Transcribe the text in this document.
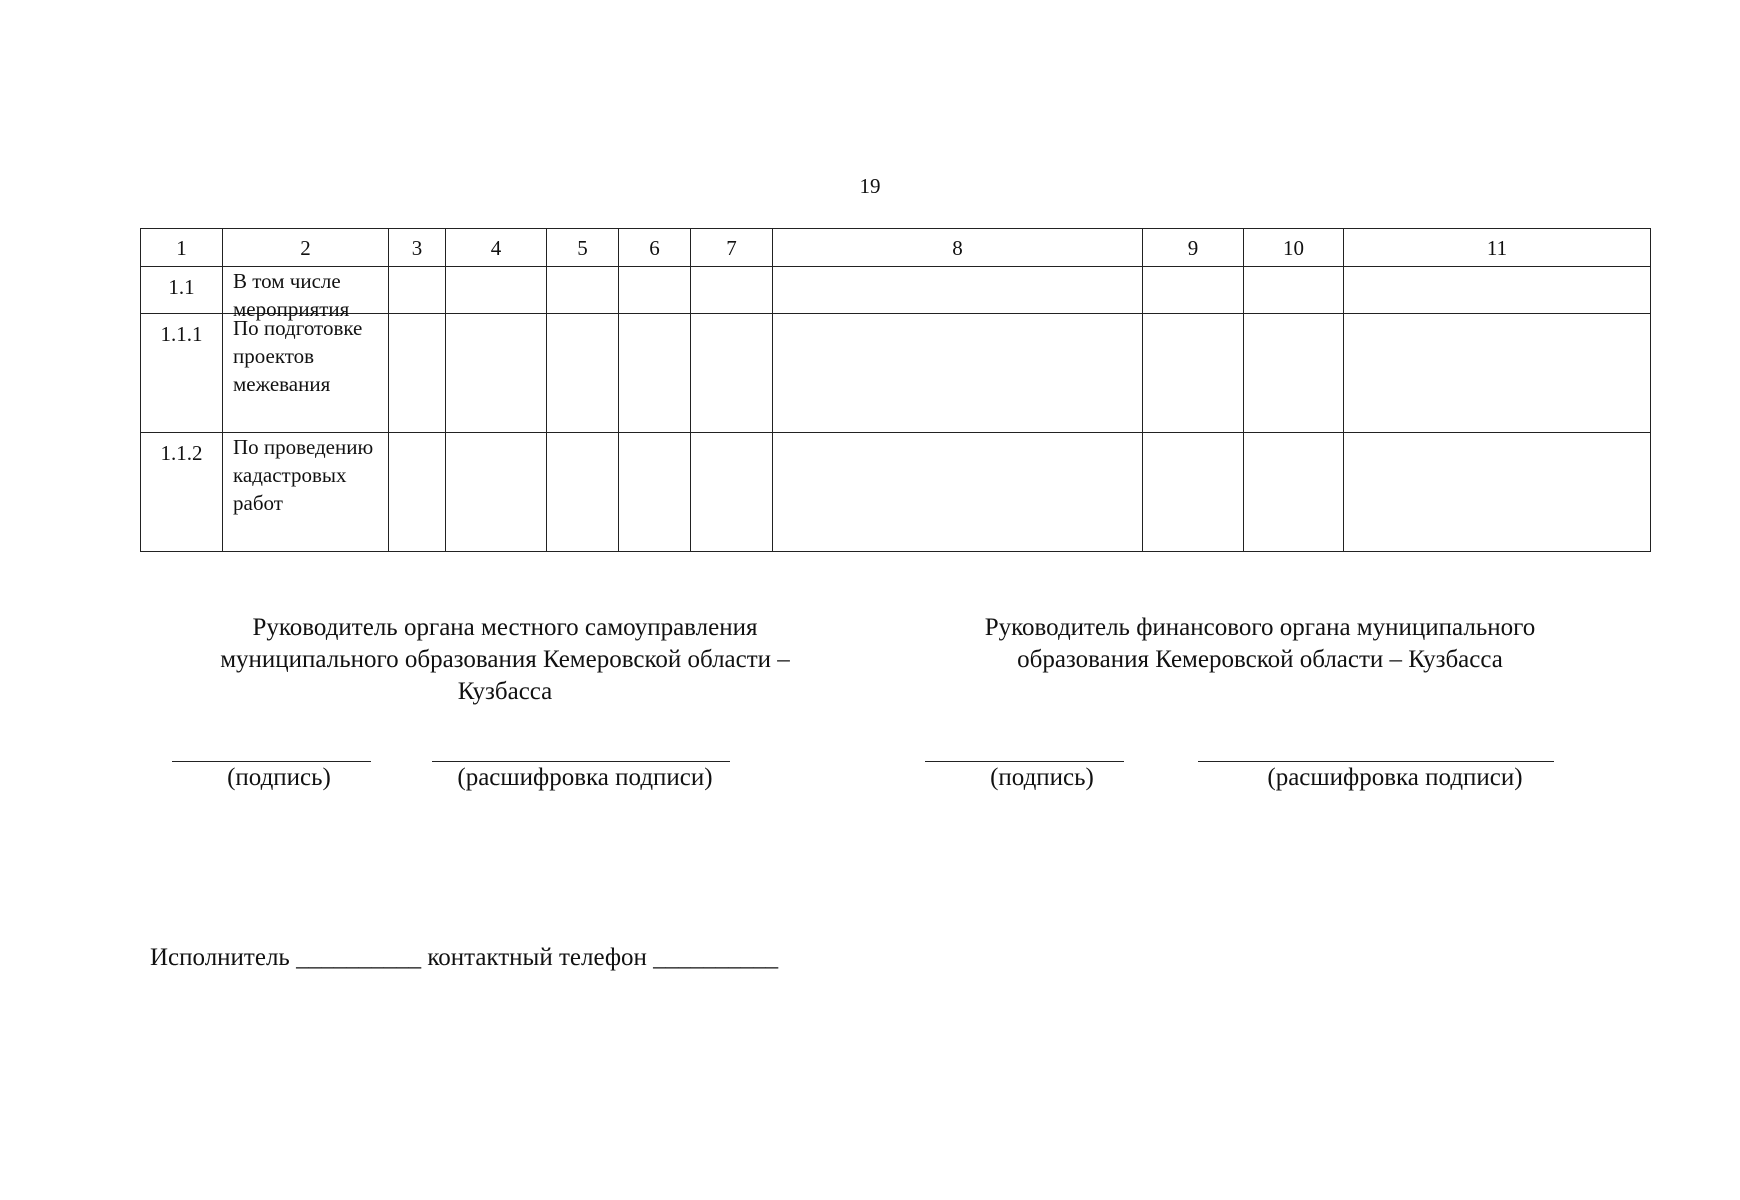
19
1	2	3	4	5	6	7	8	9	10	11
1.1	В том числе мероприятия									

1.1.1	По подготовке проектов межевания									
1.1.2	По проведению кадастровых работ									
Руководитель органа местного самоуправления муниципального образования Кемеровской области – Кузбасса
(подпись)	(расшифровка подписи)
Руководитель финансового органа муниципального образования Кемеровской области – Кузбасса
(подпись)	(расшифровка подписи)
Исполнитель __________ контактный телефон __________
